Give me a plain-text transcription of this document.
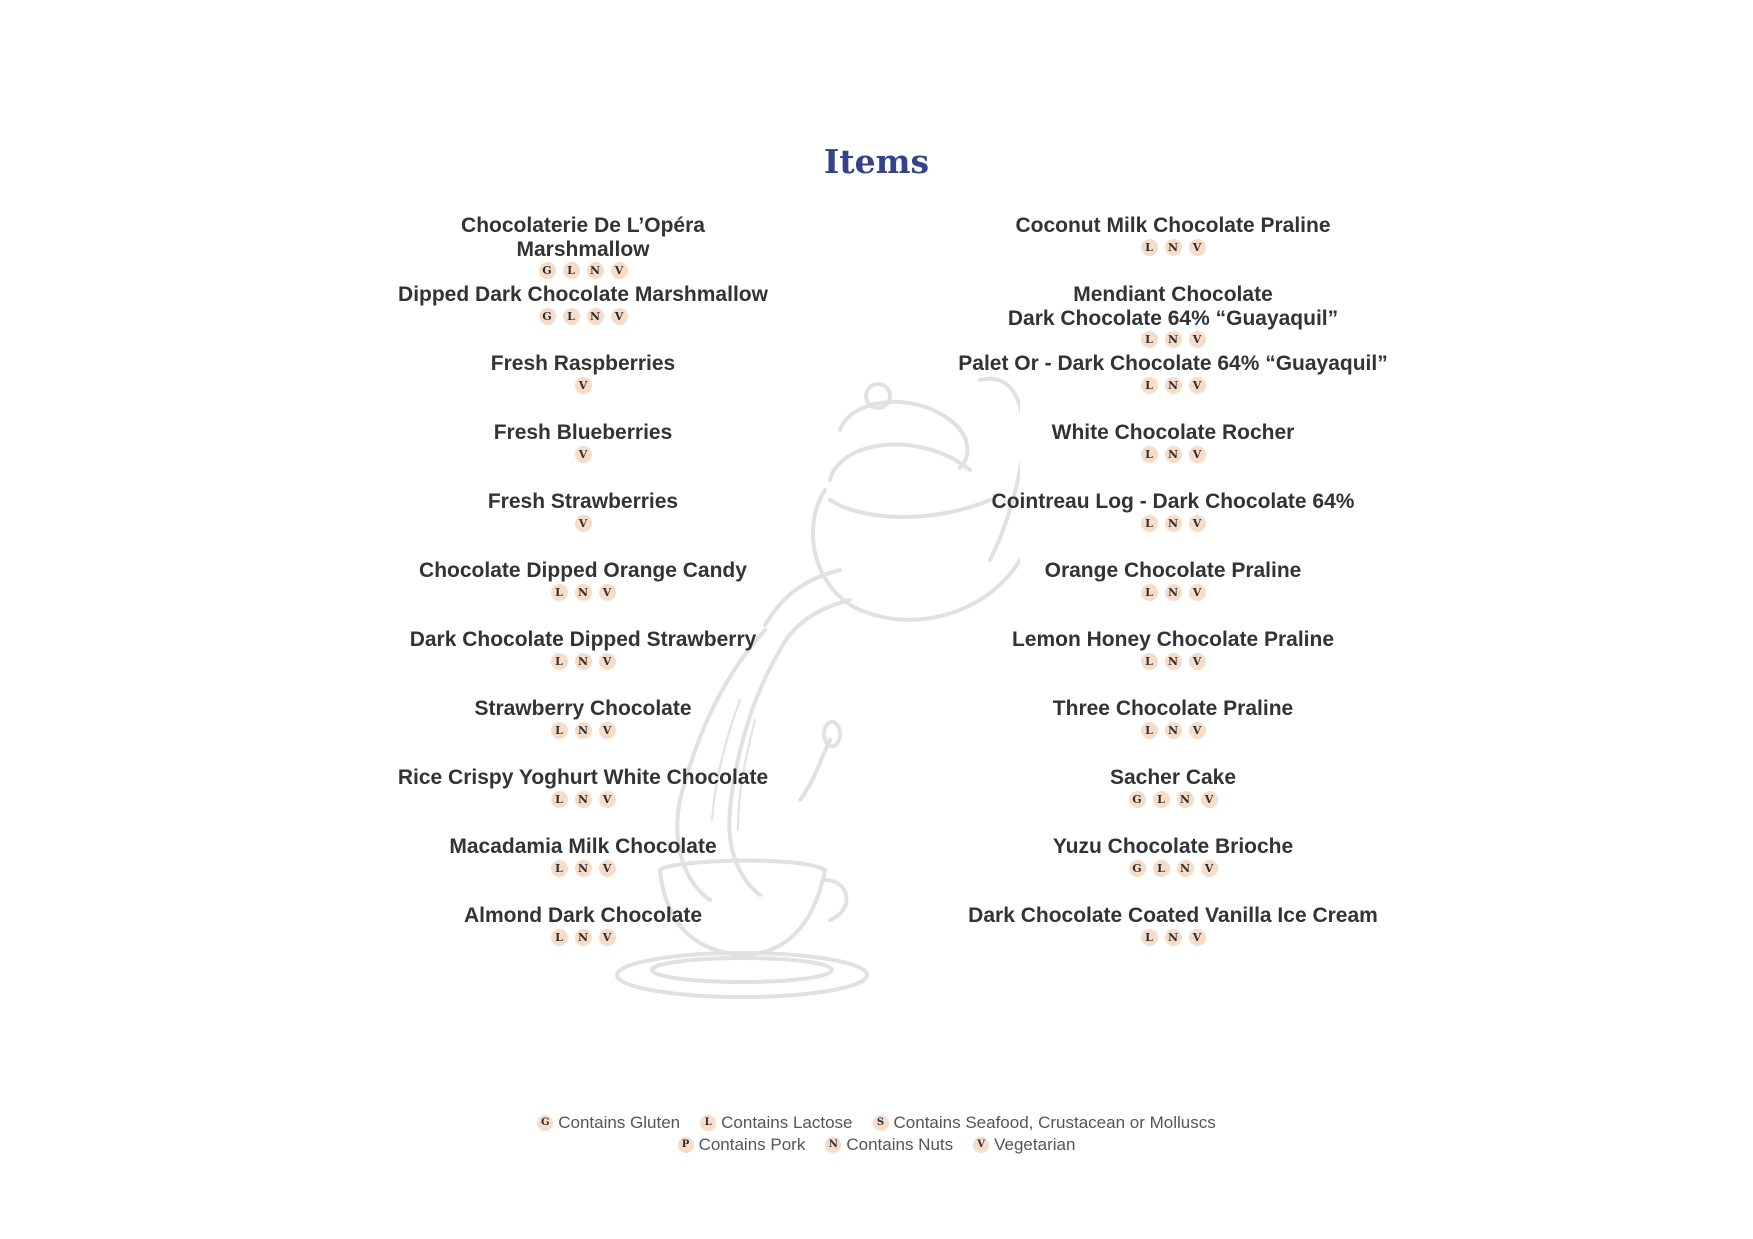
Items
Chocolaterie De L’Opéra
Marshmallow
G	L	N	V
Dipped Dark Chocolate Marshmallow
G	L	N	V
Fresh Raspberries
V
Fresh Blueberries
V
Fresh Strawberries
V
Chocolate Dipped Orange Candy
L	N	V
Dark Chocolate Dipped Strawberry
L	N	V
Strawberry Chocolate
L	N	V
Rice Crispy Yoghurt White Chocolate
L	N	V
Macadamia Milk Chocolate
L	N	V
Almond Dark Chocolate
L	N	V
Coconut Milk Chocolate Praline
L	N	V
Mendiant Chocolate
Dark Chocolate 64% “Guayaquil”
L	N	V
Palet Or - Dark Chocolate 64% “Guayaquil”
L	N	V
White Chocolate Rocher
L	N	V
Cointreau Log - Dark Chocolate 64%
L	N	V
Orange Chocolate Praline
L	N	V
Lemon Honey Chocolate Praline
L	N	V
Three Chocolate Praline
L	N	V
Sacher Cake
G	L	N	V
Yuzu Chocolate Brioche
G	L	N	V
Dark Chocolate Coated Vanilla Ice Cream
L	N	V
G Contains Gluten	L Contains Lactose	S Contains Seafood, Crustacean or Molluscs
P Contains Pork	N Contains Nuts	V Vegetarian
